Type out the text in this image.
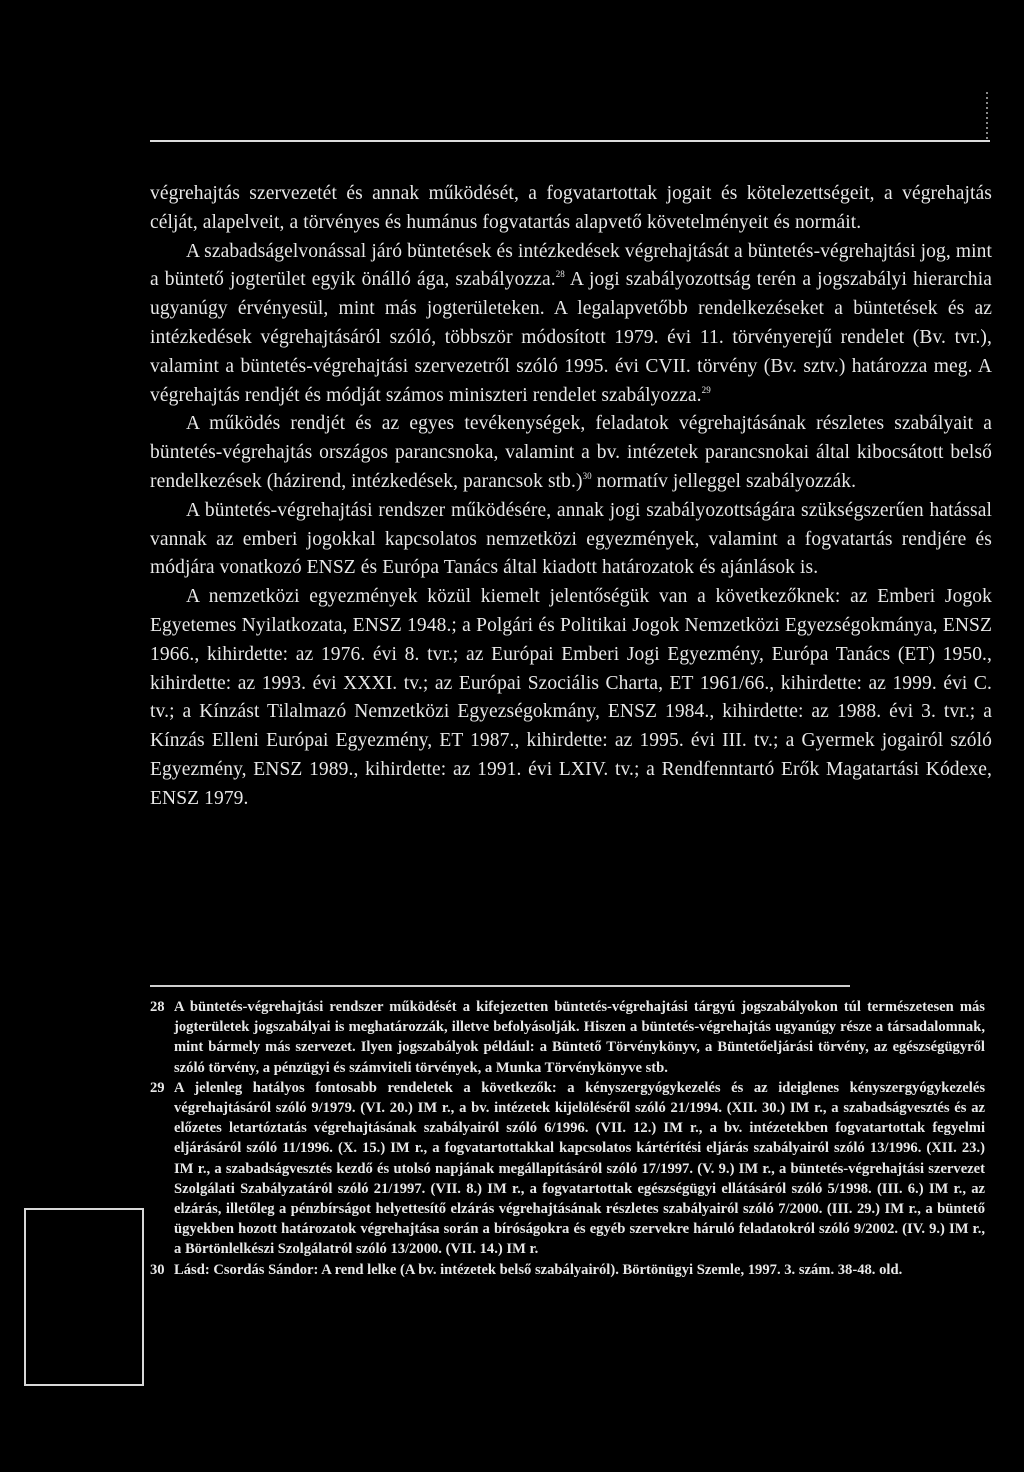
végrehajtás szervezetét és annak működését, a fogvatartottak jogait és kötelezettségeit, a végrehajtás célját, alapelveit, a törvényes és humánus fogvatartás alapvető követelményeit és normáit.

A szabadságelvonással járó büntetések és intézkedések végrehajtását a büntetés-végrehajtási jog, mint a büntető jogterület egyik önálló ága, szabályozza.$^{28}$ A jogi szabályozottság terén a jogszabályi hierarchia ugyanúgy érvényesül, mint más jogterületeken. A legalapvetőbb rendelkezéseket a büntetések és az intézkedések végrehajtásáról szóló, többször módosított 1979. évi 11. törvényerejű rendelet (Bv. tvr.), valamint a büntetés-végrehajtási szervezetről szóló 1995. évi CVII. törvény (Bv. sztv.) határozza meg. A végrehajtás rendjét és módját számos miniszteri rendelet szabályozza.$^{29}$

A működés rendjét és az egyes tevékenységek, feladatok végrehajtásának részletes szabályait a büntetés-végrehajtás országos parancsnoka, valamint a bv. intézetek parancsnokai által kibocsátott belső rendelkezések (házirend, intézkedések, parancsok stb.)$^{30}$ normatív jelleggel szabályozzák.

A büntetés-végrehajtási rendszer működésére, annak jogi szabályozottságára szükségszerűen hatással vannak az emberi jogokkal kapcsolatos nemzetközi egyezmények, valamint a fogvatartás rendjére és módjára vonatkozó ENSZ és Európa Tanács által kiadott határozatok és ajánlások is.

A nemzetközi egyezmények közül kiemelt jelentőségük van a következőknek: az Emberi Jogok Egyetemes Nyilatkozata, ENSZ 1948.; a Polgári és Politikai Jogok Nemzetközi Egyezségokmánya, ENSZ 1966., kihirdette: az 1976. évi 8. tvr.; az Európai Emberi Jogi Egyezmény, Európa Tanács (ET) 1950., kihirdette: az 1993. évi XXXI. tv.; az Európai Szociális Charta, ET 1961/66., kihirdette: az 1999. évi C. tv.; a Kínzást Tilalmazó Nemzetközi Egyezségokmány, ENSZ 1984., kihirdette: az 1988. évi 3. tvr.; a Kínzás Elleni Európai Egyezmény, ET 1987., kihirdette: az 1995. évi III. tv.; a Gyermek jogairól szóló Egyezmény, ENSZ 1989., kihirdette: az 1991. évi LXIV. tv.; a Rendfenntartó Erők Magatartási Kódexe, ENSZ 1979.

28 A büntetés-végrehajtási rendszer működését a kifejezetten büntetés-végrehajtási tárgyú jogszabályokon túl természetesen más jogterületek jogszabályai is meghatározzák, illetve befolyásolják. Hiszen a büntetés-végrehajtás ugyanúgy része a társadalomnak, mint bármely más szervezet. Ilyen jogszabályok például: a Büntető Törvénykönyv, a Büntetőeljárási törvény, az egészségügyről szóló törvény, a pénzügyi és számviteli törvények, a Munka Törvénykönyve stb.
29 A jelenleg hatályos fontosabb rendeletek a következők: a kényszergyógykezelés és az ideiglenes kényszergyógykezelés végrehajtásáról szóló 9/1979. (VI. 20.) IM r., a bv. intézetek kijelöléséről szóló 21/1994. (XII. 30.) IM r., a szabadságvesztés és az előzetes letartóztatás végrehajtásának szabályairól szóló 6/1996. (VII. 12.) IM r., a bv. intézetekben fogvatartottak fegyelmi eljárásáról szóló 11/1996. (X. 15.) IM r., a fogvatartottakkal kapcsolatos kártérítési eljárás szabályairól szóló 13/1996. (XII. 23.) IM r., a szabadságvesztés kezdő és utolsó napjának megállapításáról szóló 17/1997. (V. 9.) IM r., a büntetés-végrehajtási szervezet Szolgálati Szabályzatáról szóló 21/1997. (VII. 8.) IM r., a fogvatartottak egészségügyi ellátásáról szóló 5/1998. (III. 6.) IM r., az elzárás, illetőleg a pénzbírságot helyettesítő elzárás végrehajtásának részletes szabályairól szóló 7/2000. (III. 29.) IM r., a büntető ügyekben hozott határozatok végrehajtása során a bíróságokra és egyéb szervekre háruló feladatokról szóló 9/2002. (IV. 9.) IM r., a Börtönlelkészi Szolgálatról szóló 13/2000. (VII. 14.) IM r.
30 Lásd: Csordás Sándor: A rend lelke (A bv. intézetek belső szabályairól). Börtönügyi Szemle, 1997. 3. szám. 38-48. old.
